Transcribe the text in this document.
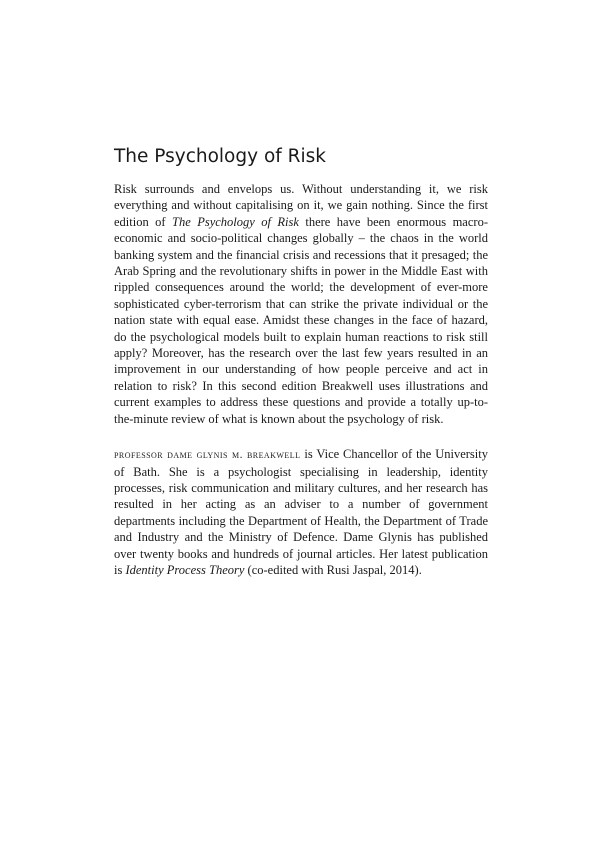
The Psychology of Risk

Risk surrounds and envelops us. Without understanding it, we risk everything and without capitalising on it, we gain nothing. Since the first edition of The Psychology of Risk there have been enormous macro-economic and socio-political changes globally – the chaos in the world banking system and the financial crisis and recessions that it presaged; the Arab Spring and the revolutionary shifts in power in the Middle East with rippled consequences around the world; the development of ever-more sophisticated cyber-terrorism that can strike the private individual or the nation state with equal ease. Amidst these changes in the face of hazard, do the psychological models built to explain human reactions to risk still apply? Moreover, has the research over the last few years resulted in an improvement in our understanding of how people perceive and act in relation to risk? In this second edition Breakwell uses illustrations and current examples to address these questions and provide a totally up-to-the-minute review of what is known about the psychology of risk.

professor dame glynis m. breakwell is Vice Chancellor of the University of Bath. She is a psychologist specialising in leadership, identity processes, risk communication and military cultures, and her research has resulted in her acting as an adviser to a number of government departments including the Department of Health, the Department of Trade and Industry and the Ministry of Defence. Dame Glynis has published over twenty books and hundreds of journal articles. Her latest publication is Identity Process Theory (co-edited with Rusi Jaspal, 2014).
